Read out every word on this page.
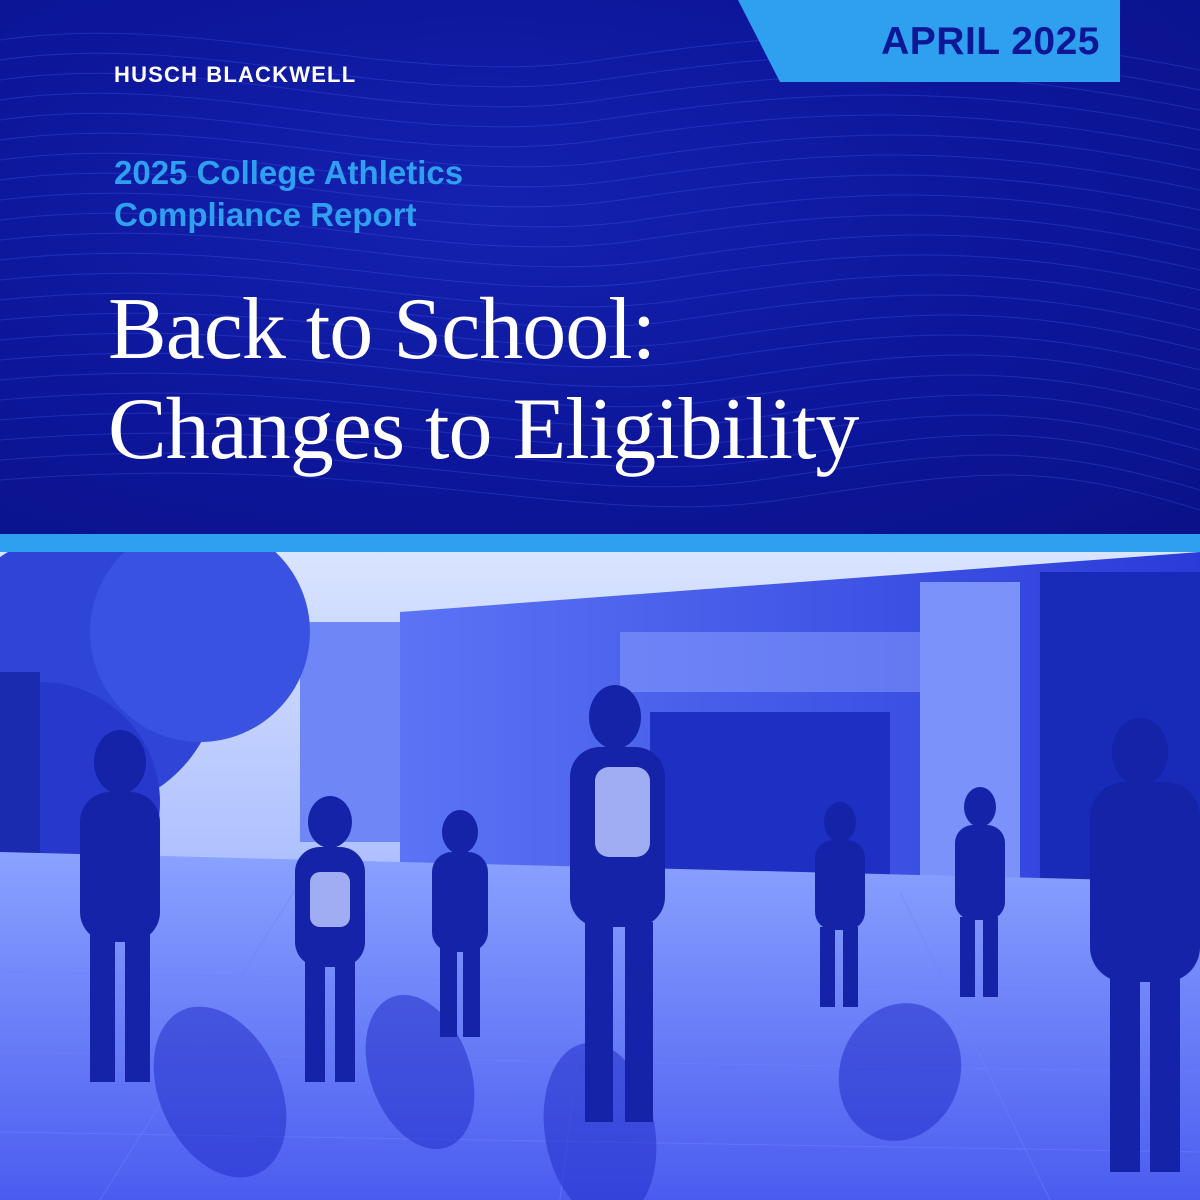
APRIL 2025
HUSCH BLACKWELL
2025 College Athletics
Compliance Report
Back to School:
Changes to Eligibility
